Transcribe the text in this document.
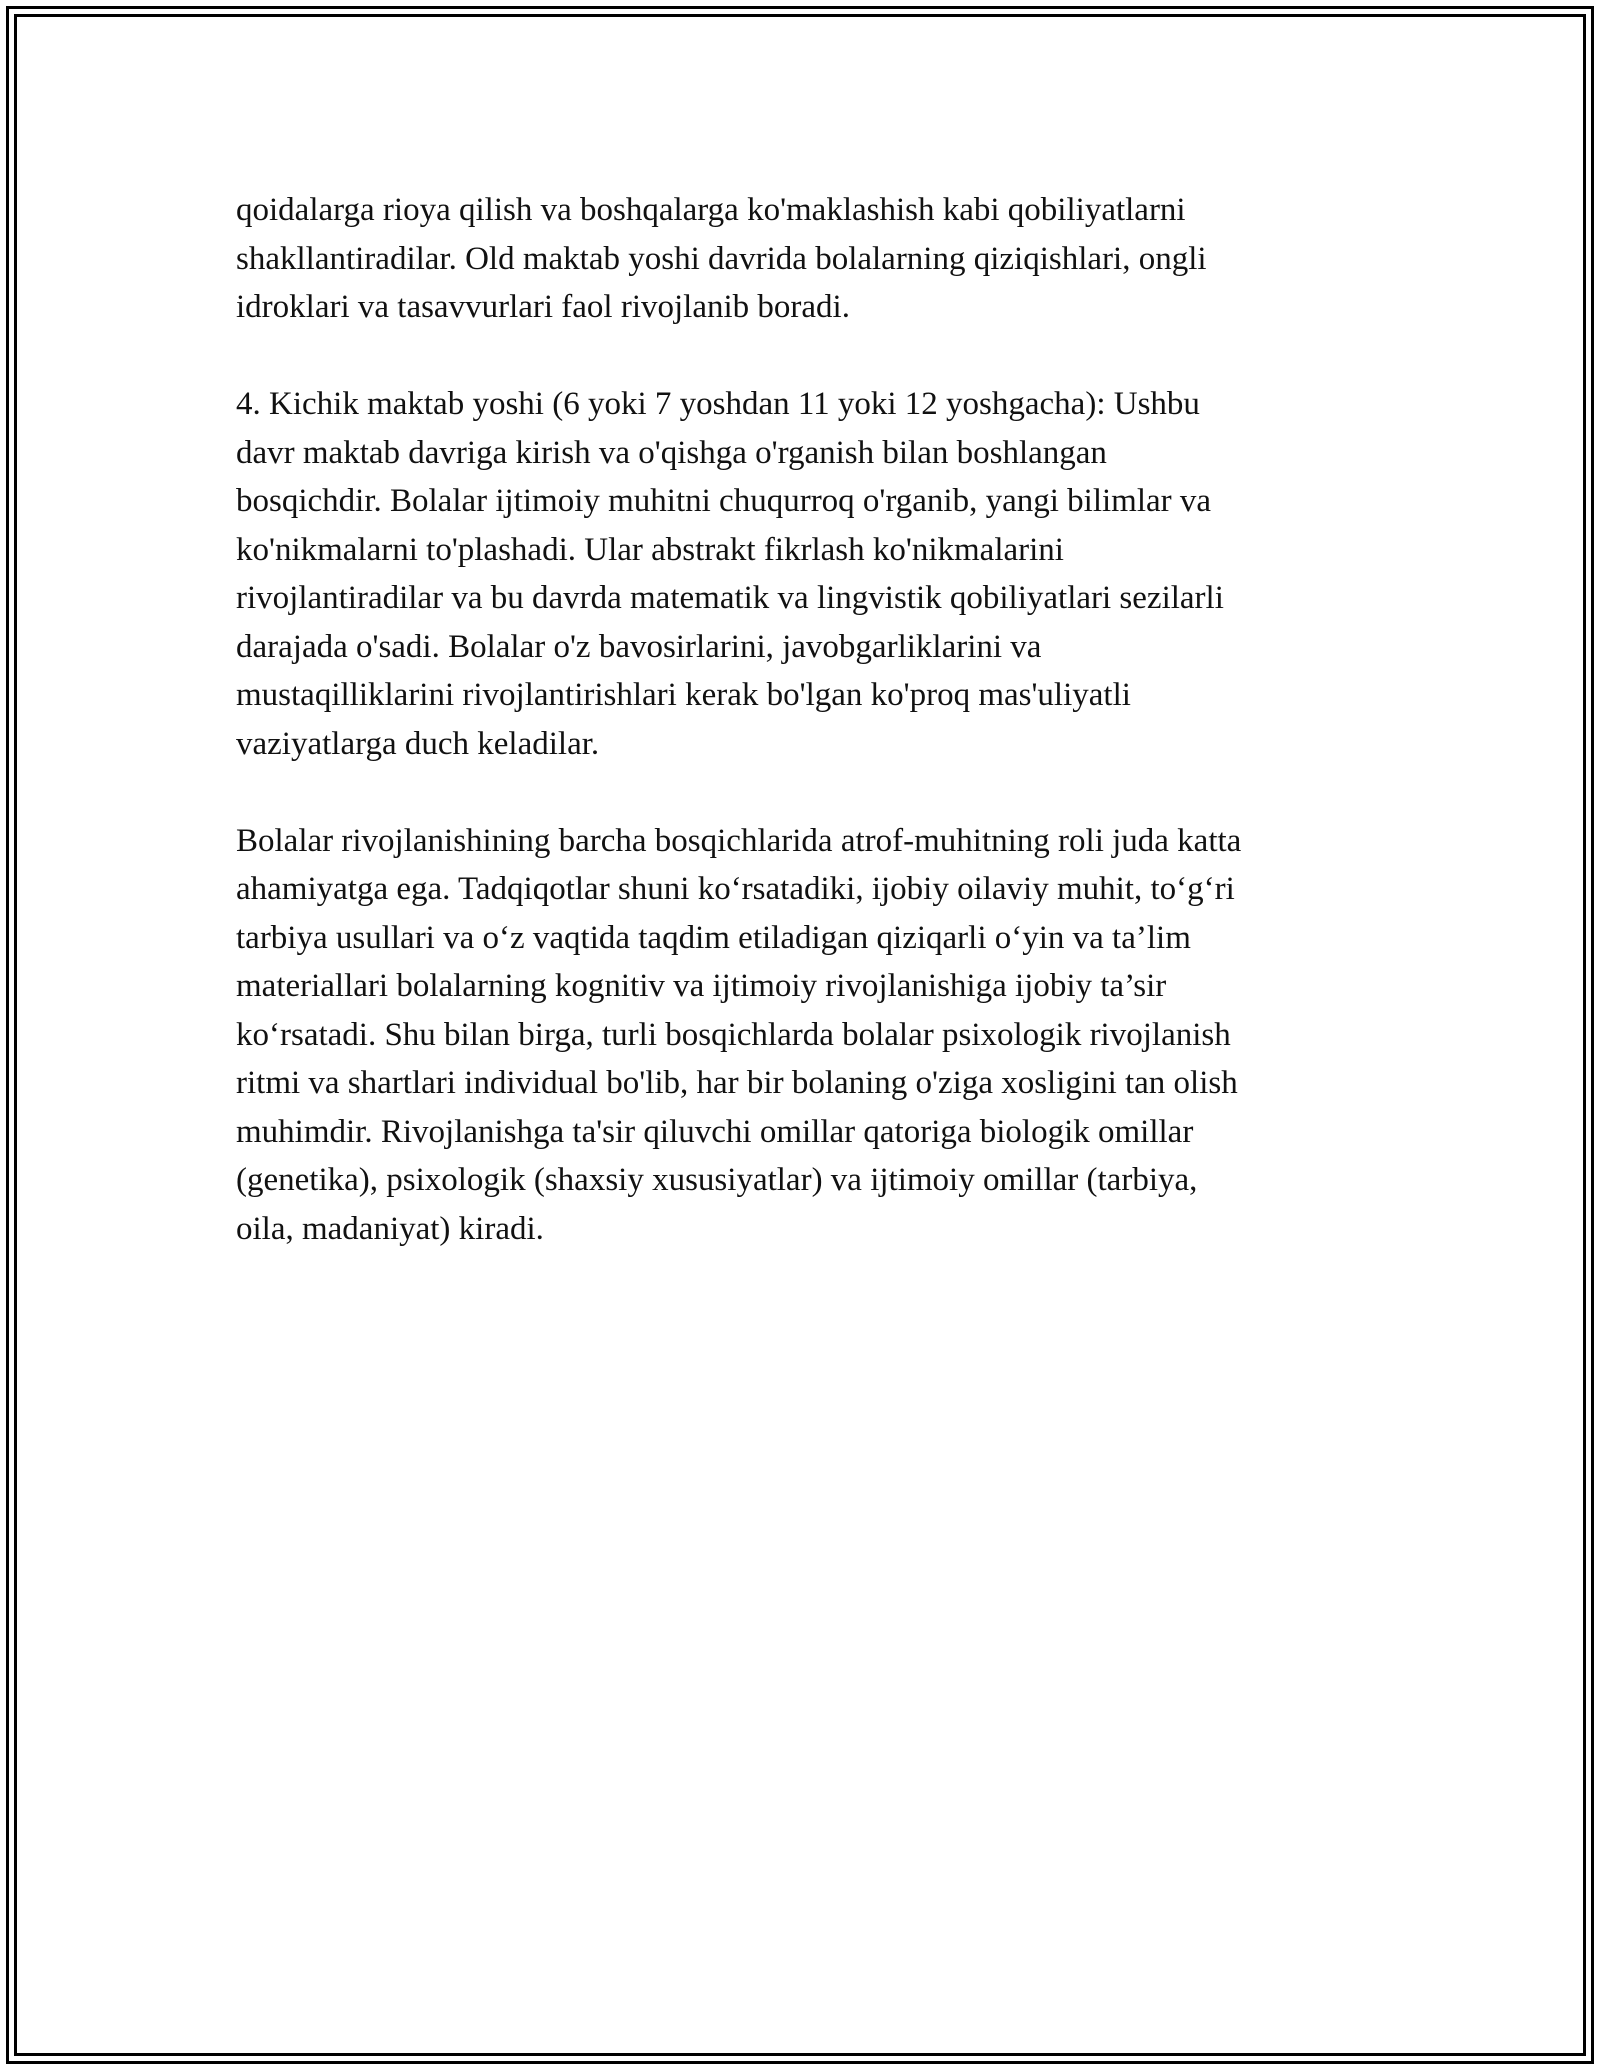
qoidalarga rioya qilish va boshqalarga ko'maklashish kabi qobiliyatlarni
shakllantiradilar. Old maktab yoshi davrida bolalarning qiziqishlari, ongli
idroklari va tasavvurlari faol rivojlanib boradi.

4. Kichik maktab yoshi (6 yoki 7 yoshdan 11 yoki 12 yoshgacha): Ushbu
davr maktab davriga kirish va o'qishga o'rganish bilan boshlangan
bosqichdir. Bolalar ijtimoiy muhitni chuqurroq o'rganib, yangi bilimlar va
ko'nikmalarni to'plashadi. Ular abstrakt fikrlash ko'nikmalarini
rivojlantiradilar va bu davrda matematik va lingvistik qobiliyatlari sezilarli
darajada o'sadi. Bolalar o'z bavosirlarini, javobgarliklarini va
mustaqilliklarini rivojlantirishlari kerak bo'lgan ko'proq mas'uliyatli
vaziyatlarga duch keladilar.

Bolalar rivojlanishining barcha bosqichlarida atrof-muhitning roli juda katta
ahamiyatga ega. Tadqiqotlar shuni ko‘rsatadiki, ijobiy oilaviy muhit, to‘g‘ri
tarbiya usullari va o‘z vaqtida taqdim etiladigan qiziqarli o‘yin va ta’lim
materiallari bolalarning kognitiv va ijtimoiy rivojlanishiga ijobiy ta’sir
ko‘rsatadi. Shu bilan birga, turli bosqichlarda bolalar psixologik rivojlanish
ritmi va shartlari individual bo'lib, har bir bolaning o'ziga xosligini tan olish
muhimdir. Rivojlanishga ta'sir qiluvchi omillar qatoriga biologik omillar
(genetika), psixologik (shaxsiy xususiyatlar) va ijtimoiy omillar (tarbiya,
oila, madaniyat) kiradi.
